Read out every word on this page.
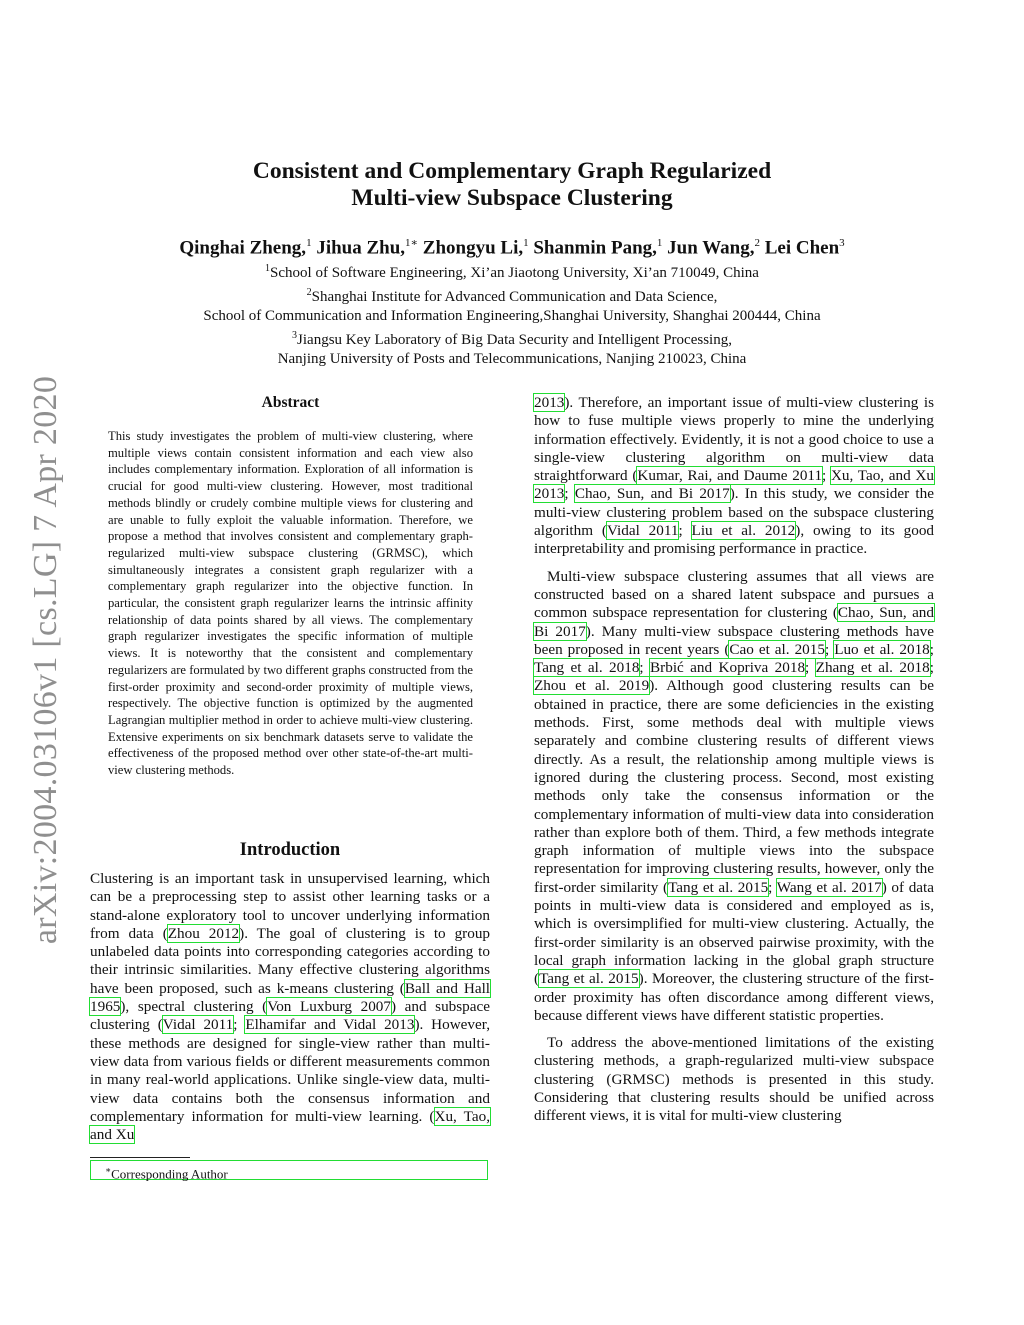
arXiv:2004.03106v1 [cs.LG] 7 Apr 2020
Consistent and Complementary Graph Regularized
Multi-view Subspace Clustering
Qinghai Zheng,$^1$ Jihua Zhu,$^{1∗}$ Zhongyu Li,$^1$ Shanmin Pang,$^1$ Jun Wang,$^2$ Lei Chen$^3$
$^1$School of Software Engineering, Xi’an Jiaotong University, Xi’an 710049, China
$^2$Shanghai Institute for Advanced Communication and Data Science,
School of Communication and Information Engineering,Shanghai University, Shanghai 200444, China
$^3$Jiangsu Key Laboratory of Big Data Security and Intelligent Processing,
Nanjing University of Posts and Telecommunications, Nanjing 210023, China
Abstract
This study investigates the problem of multi-view clustering, where multiple views contain consistent information and each view also includes complementary information. Exploration of all information is crucial for good multi-view clustering. However, most traditional methods blindly or crudely combine multiple views for clustering and are unable to fully exploit the valuable information. Therefore, we propose a method that involves consistent and complementary graph-regularized multi-view subspace clustering (GRMSC), which simultaneously integrates a consistent graph regularizer with a complementary graph regularizer into the objective function. In particular, the consistent graph regularizer learns the intrinsic affinity relationship of data points shared by all views. The complementary graph regularizer investigates the specific information of multiple views. It is noteworthy that the consistent and complementary regularizers are formulated by two different graphs constructed from the first-order proximity and second-order proximity of multiple views, respectively. The objective function is optimized by the augmented Lagrangian multiplier method in order to achieve multi-view clustering. Extensive experiments on six benchmark datasets serve to validate the effectiveness of the proposed method over other state-of-the-art multi-view clustering methods.
Introduction

Clustering is an important task in unsupervised learning, which can be a preprocessing step to assist other learning tasks or a stand-alone exploratory tool to uncover underlying information from data (Zhou 2012). The goal of clustering is to group unlabeled data points into corresponding categories according to their intrinsic similarities. Many effective clustering algorithms have been proposed, such as k-means clustering (Ball and Hall 1965), spectral clustering (Von Luxburg 2007) and subspace clustering (Vidal 2011; Elhamifar and Vidal 2013). However, these methods are designed for single-view rather than multi-view data from various fields or different measurements common in many real-world applications. Unlike single-view data, multi-view data contains both the consensus information and complementary information for multi-view learning. (Xu, Tao, and Xu

∗Corresponding Author

2013). Therefore, an important issue of multi-view clustering is how to fuse multiple views properly to mine the underlying information effectively. Evidently, it is not a good choice to use a single-view clustering algorithm on multi-view data straightforward (Kumar, Rai, and Daume 2011; Xu, Tao, and Xu 2013; Chao, Sun, and Bi 2017). In this study, we consider the multi-view clustering problem based on the subspace clustering algorithm (Vidal 2011; Liu et al. 2012), owing to its good interpretability and promising performance in practice.

Multi-view subspace clustering assumes that all views are constructed based on a shared latent subspace and pursues a common subspace representation for clustering (Chao, Sun, and Bi 2017). Many multi-view subspace clustering methods have been proposed in recent years (Cao et al. 2015; Luo et al. 2018; Tang et al. 2018; Brbić and Kopriva 2018; Zhang et al. 2018; Zhou et al. 2019). Although good clustering results can be obtained in practice, there are some deficiencies in the existing methods. First, some methods deal with multiple views separately and combine clustering results of different views directly. As a result, the relationship among multiple views is ignored during the clustering process. Second, most existing methods only take the consensus information or the complementary information of multi-view data into consideration rather than explore both of them. Third, a few methods integrate graph information of multiple views into the subspace representation for improving clustering results, however, only the first-order similarity (Tang et al. 2015; Wang et al. 2017) of data points in multi-view data is considered and employed as is, which is oversimplified for multi-view clustering. Actually, the first-order similarity is an observed pairwise proximity, with the local graph information lacking in the global graph structure (Tang et al. 2015). Moreover, the clustering structure of the first-order proximity has often discordance among different views, because different views have different statistic properties.

To address the above-mentioned limitations of the existing clustering methods, a graph-regularized multi-view subspace clustering (GRMSC) methods is presented in this study. Considering that clustering results should be unified across different views, it is vital for multi-view clustering
